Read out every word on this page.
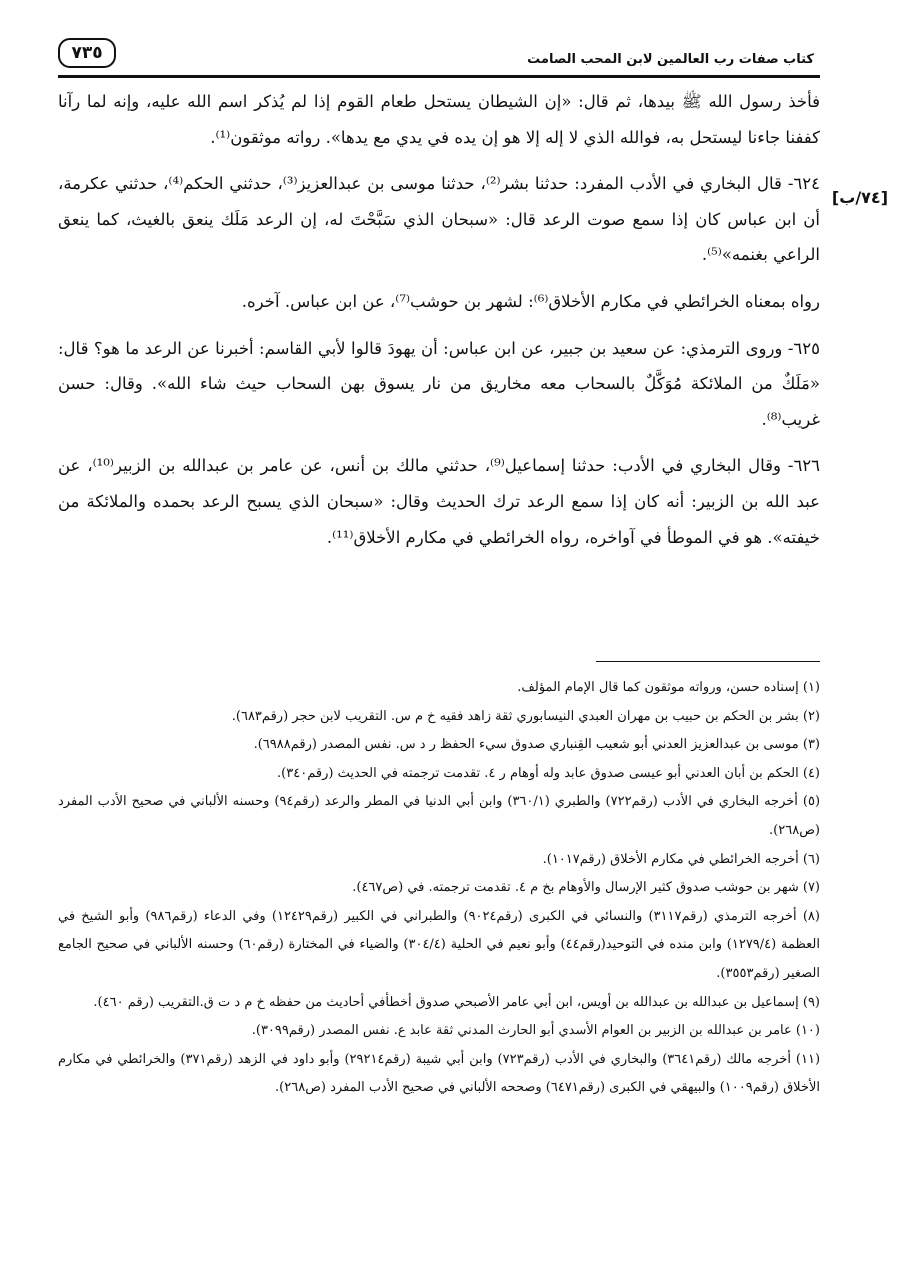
٧٣٥	كتاب صفات رب العالمين لابن المحب الصامت
[٧٤/ب]

فأخذ رسول الله ﷺ بيدها، ثم قال: «إن الشيطان يستحل طعام القوم إذا لم يُذكر اسم الله عليه، وإنه لما رآنا كففنا جاءنا ليستحل به، فوالله الذي لا إله إلا هو إن يده في يدي مع يدها». رواته موثقون⁽¹⁾.

٦٢٤- قال البخاري في الأدب المفرد: حدثنا بشر⁽²⁾، حدثنا موسى بن عبدالعزيز⁽³⁾، حدثني الحكم⁽⁴⁾، حدثني عكرمة، أن ابن عباس كان إذا سمع صوت الرعد قال: «سبحان الذي سَبَّحْتَ له، إن الرعد مَلَك ينعق بالغيث، كما ينعق الراعي بغنمه»⁽⁵⁾.

رواه بمعناه الخرائطي في مكارم الأخلاق⁽⁶⁾: لشهر بن حوشب⁽⁷⁾، عن ابن عباس. آخره.

٦٢٥- وروى الترمذي: عن سعيد بن جبير، عن ابن عباس: أن يهودَ قالوا لأبي القاسم: أخبرنا عن الرعد ما هو؟ قال: «مَلَكٌ من الملائكة مُوَكَّلٌ بالسحاب معه مخاريق من نار يسوق بهن السحاب حيث شاء الله». وقال: حسن غريب⁽⁸⁾.

٦٢٦- وقال البخاري في الأدب: حدثنا إسماعيل⁽⁹⁾، حدثني مالك بن أنس، عن عامر بن عبدالله بن الزبير⁽¹⁰⁾، عن عبد الله بن الزبير: أنه كان إذا سمع الرعد ترك الحديث وقال: «سبحان الذي يسبح الرعد بحمده والملائكة من خيفته». هو في الموطأ في آواخره، رواه الخرائطي في مكارم الأخلاق⁽¹¹⁾.

(١) إسناده حسن، ورواته موثقون كما قال الإمام المؤلف.

(٢) بشر بن الحكم بن حبيب بن مهران العبدي النيسابوري ثقة زاهد فقيه خ م س. التقريب لابن حجر (رقم٦٨٣).

(٣) موسى بن عبدالعزيز العدني أبو شعيب القِنباري صدوق سيء الحفظ ر د س. نفس المصدر (رقم٦٩٨٨).

(٤) الحكم بن أبان العدني أبو عيسى صدوق عابد وله أوهام ر ٤. تقدمت ترجمته في الحديث (رقم٣٤٠).

(٥) أخرجه البخاري في الأدب (رقم٧٢٢) والطبري (٣٦٠/١) وابن أبي الدنيا في المطر والرعد (رقم٩٤) وحسنه الألباني في صحيح الأدب المفرد (ص٢٦٨).

(٦) أخرجه الخرائطي في مكارم الأخلاق (رقم١٠١٧).

(٧) شهر بن حوشب صدوق كثير الإرسال والأوهام بخ م ٤. تقدمت ترجمته. في (ص٤٦٧).

(٨) أخرجه الترمذي (رقم٣١١٧) والنسائي في الكبرى (رقم٩٠٢٤) والطبراني في الكبير (رقم١٢٤٢٩) وفي الدعاء (رقم٩٨٦) وأبو الشيخ في العظمة (١٢٧٩/٤) وابن منده في التوحيد(رقم٤٤) وأبو نعيم في الحلية (٣٠٤/٤) والضياء في المختارة (رقم٦٠) وحسنه الألباني في صحيح الجامع الصغير (رقم٣٥٥٣).

(٩) إسماعيل بن عبدالله بن عبدالله بن أويس، ابن أبي عامر الأصبحي صدوق أخطأفي أحاديث من حفظه خ م د ت ق.التقريب (رقم ٤٦٠).

(١٠) عامر بن عبدالله بن الزبير بن العوام الأسدي أبو الحارث المدني ثقة عابد ع. نفس المصدر (رقم٣٠٩٩).

(١١) أخرجه مالك (رقم٣٦٤١) والبخاري في الأدب (رقم٧٢٣) وابن أبي شيبة (رقم٢٩٢١٤) وأبو داود في الزهد (رقم٣٧١) والخرائطي في مكارم الأخلاق (رقم١٠٠٩) والبيهقي في الكبرى (رقم٦٤٧١) وصححه الألباني في صحيح الأدب المفرد (ص٢٦٨).
